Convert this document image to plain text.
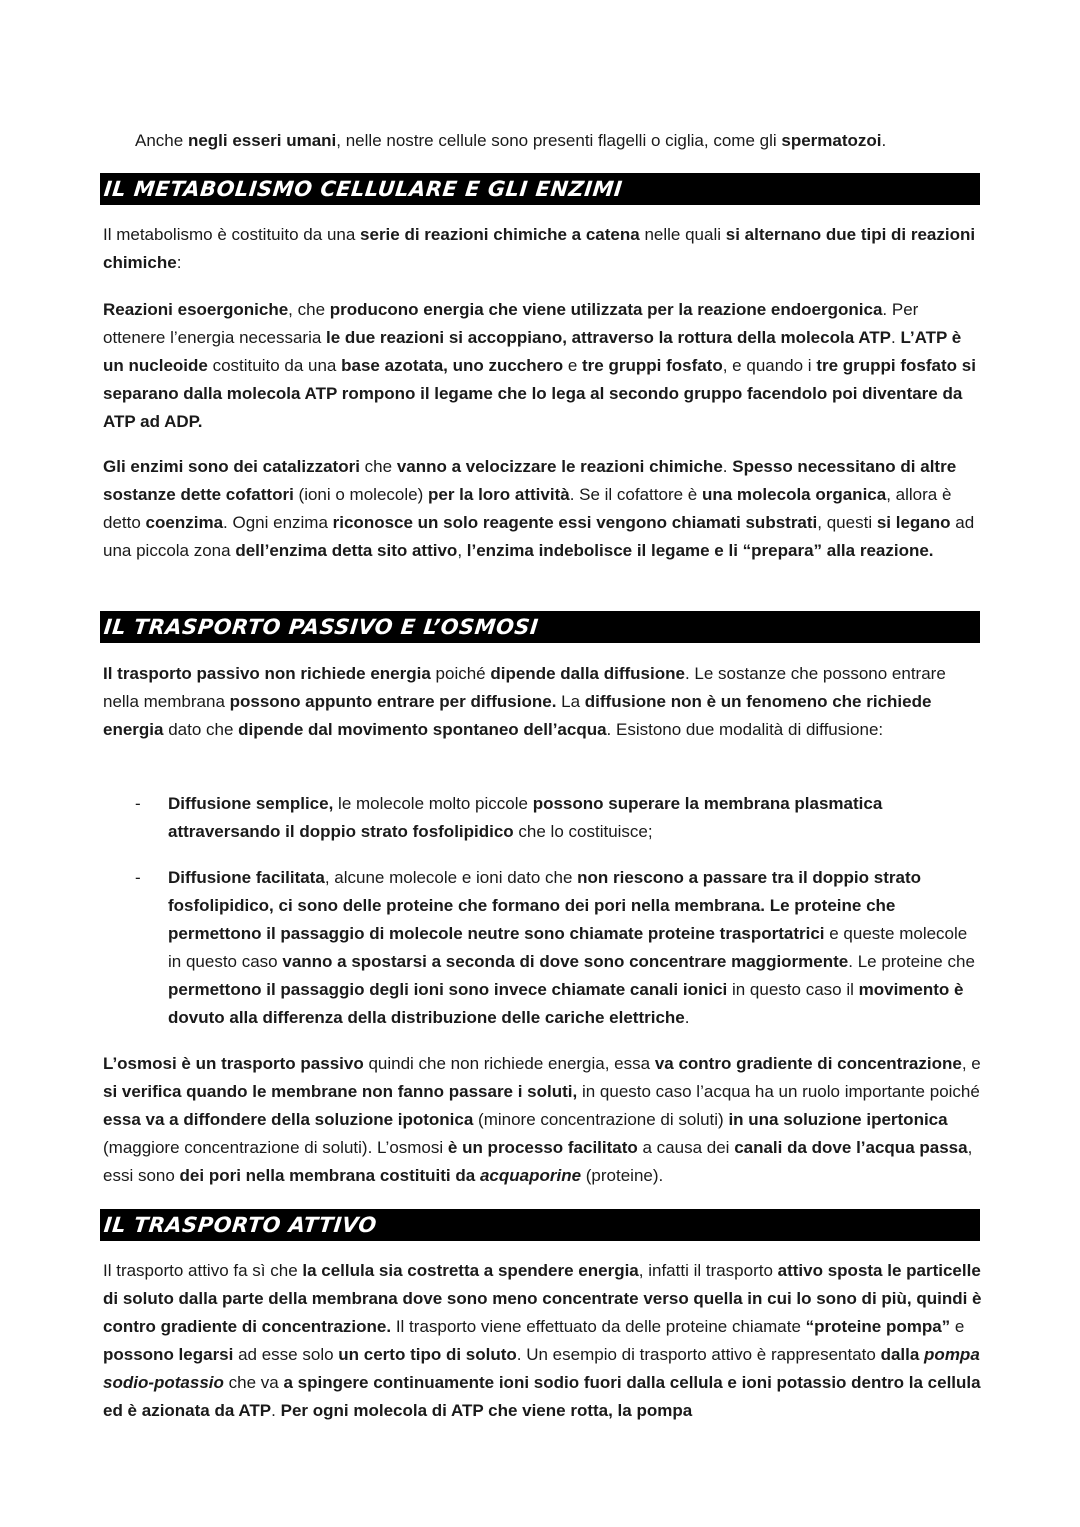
Anche negli esseri umani, nelle nostre cellule sono presenti flagelli o ciglia, come gli spermatozoi.

IL METABOLISMO CELLULARE E GLI ENZIMI

Il metabolismo è costituito da una serie di reazioni chimiche a catena nelle quali si alternano due tipi di reazioni chimiche:

Reazioni esoergoniche, che producono energia che viene utilizzata per la reazione endoergonica. Per ottenere l’energia necessaria le due reazioni si accoppiano, attraverso la rottura della molecola ATP. L’ATP è un nucleoide costituito da una base azotata, uno zucchero e tre gruppi fosfato, e quando i tre gruppi fosfato si separano dalla molecola ATP rompono il legame che lo lega al secondo gruppo facendolo poi diventare da ATP ad ADP.

Gli enzimi sono dei catalizzatori che vanno a velocizzare le reazioni chimiche. Spesso necessitano di altre sostanze dette cofattori (ioni o molecole) per la loro attività. Se il cofattore è una molecola organica, allora è detto coenzima. Ogni enzima riconosce un solo reagente essi vengono chiamati substrati, questi si legano ad una piccola zona dell’enzima detta sito attivo, l’enzima indebolisce il legame e li “prepara” alla reazione.

IL TRASPORTO PASSIVO E L’OSMOSI

Il trasporto passivo non richiede energia poiché dipende dalla diffusione. Le sostanze che possono entrare nella membrana possono appunto entrare per diffusione. La diffusione non è un fenomeno che richiede energia dato che dipende dal movimento spontaneo dell’acqua. Esistono due modalità di diffusione:

-	Diffusione semplice, le molecole molto piccole possono superare la membrana plasmatica attraversando il doppio strato fosfolipidico che lo costituisce;
-	Diffusione facilitata, alcune molecole e ioni dato che non riescono a passare tra il doppio strato fosfolipidico, ci sono delle proteine che formano dei pori nella membrana. Le proteine che permettono il passaggio di molecole neutre sono chiamate proteine trasportatrici e queste molecole in questo caso vanno a spostarsi a seconda di dove sono concentrare maggiormente. Le proteine che permettono il passaggio degli ioni sono invece chiamate canali ionici in questo caso il movimento è dovuto alla differenza della distribuzione delle cariche elettriche.

L’osmosi è un trasporto passivo quindi che non richiede energia, essa va contro gradiente di concentrazione, e si verifica quando le membrane non fanno passare i soluti, in questo caso l’acqua ha un ruolo importante poiché essa va a diffondere della soluzione ipotonica (minore concentrazione di soluti) in una soluzione ipertonica (maggiore concentrazione di soluti). L’osmosi è un processo facilitato a causa dei canali da dove l’acqua passa, essi sono dei pori nella membrana costituiti da acquaporine (proteine).

IL TRASPORTO ATTIVO

Il trasporto attivo fa sì che la cellula sia costretta a spendere energia, infatti il trasporto attivo sposta le particelle di soluto dalla parte della membrana dove sono meno concentrate verso quella in cui lo sono di più, quindi è contro gradiente di concentrazione. Il trasporto viene effettuato da delle proteine chiamate “proteine pompa” e possono legarsi ad esse solo un certo tipo di soluto. Un esempio di trasporto attivo è rappresentato dalla pompa sodio-potassio che va a spingere continuamente ioni sodio fuori dalla cellula e ioni potassio dentro la cellula ed è azionata da ATP. Per ogni molecola di ATP che viene rotta, la pompa
